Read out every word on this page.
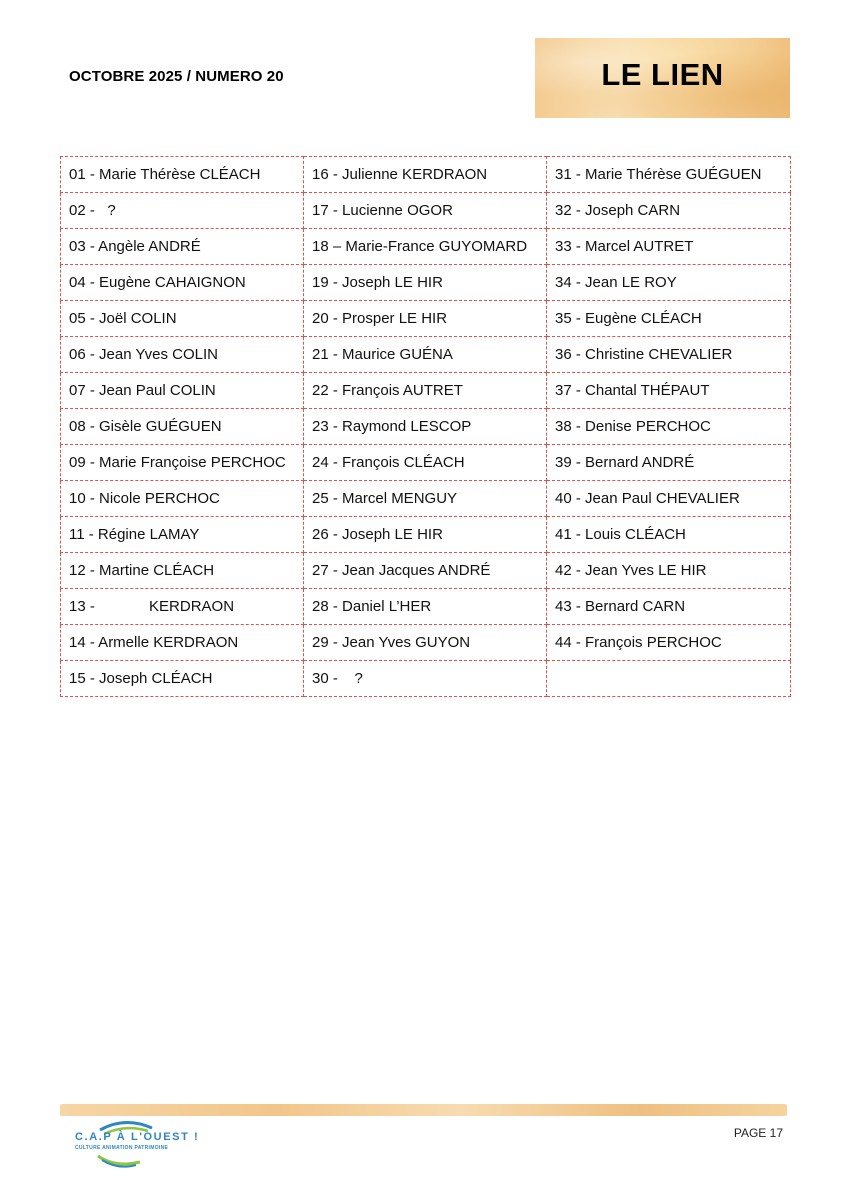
OCTOBRE 2025 / NUMERO 20	LE LIEN
01 - Marie Thérèse CLÉACH	16 - Julienne KERDRAON	31 - Marie Thérèse GUÉGUEN
02 -   ?	17 - Lucienne OGOR	32 - Joseph CARN
03 - Angèle ANDRÉ	18 – Marie-France GUYOMARD	33 - Marcel AUTRET
04 - Eugène CAHAIGNON	19 - Joseph LE HIR	34 - Jean LE ROY
05 - Joël COLIN	20 - Prosper LE HIR	35 - Eugène CLÉACH
06 - Jean Yves COLIN	21 - Maurice GUÉNA	36 - Christine CHEVALIER
07 - Jean Paul COLIN	22 - François AUTRET	37 - Chantal THÉPAUT
08 - Gisèle GUÉGUEN	23 - Raymond LESCOP	38 - Denise PERCHOC
09 - Marie Françoise PERCHOC	24 - François CLÉACH	39 - Bernard ANDRÉ
10 - Nicole PERCHOC	25 - Marcel MENGUY	40 - Jean Paul CHEVALIER
11 - Régine LAMAY	26 - Joseph LE HIR	41 - Louis CLÉACH
12 - Martine CLÉACH	27 - Jean Jacques ANDRÉ	42 - Jean Yves LE HIR
13 -             KERDRAON	28 - Daniel L’HER	43 - Bernard CARN
14 - Armelle KERDRAON	29 - Jean Yves GUYON	44 - François PERCHOC
15 - Joseph CLÉACH	30 -    ?	
C.A.P À L'OUEST !
CULTURE ANIMATION PATRIMOINE
PAGE 17
